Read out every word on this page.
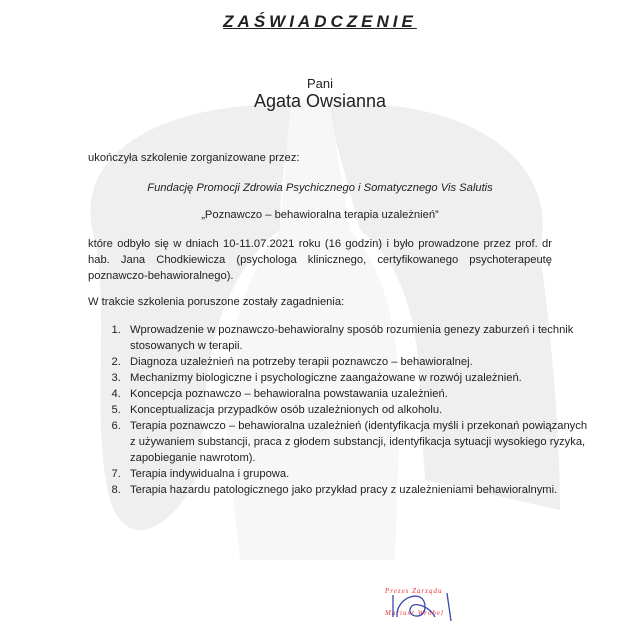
ZAŚWIADCZENIE
Pani
Agata Owsianna
ukończyła szkolenie zorganizowane przez:
Fundację Promocji Zdrowia Psychicznego i Somatycznego Vis Salutis
„Poznawczo – behawioralna terapia uzależnień”
które odbyło się w dniach 10-11.07.2021 roku (16 godzin) i było prowadzone przez prof. dr hab. Jana Chodkiewicza (psychologa klinicznego, certyfikowanego psychoterapeutę poznawczo-behawioralnego).
W trakcie szkolenia poruszone zostały zagadnienia:
1. Wprowadzenie w poznawczo-behawioralny sposób rozumienia genezy zaburzeń i technik stosowanych w terapii.
2. Diagnoza uzależnień na potrzeby terapii poznawczo – behawioralnej.
3. Mechanizmy biologiczne i psychologiczne zaangażowane w rozwój uzależnień.
4. Koncepcja poznawczo – behawioralna powstawania uzależnień.
5. Konceptualizacja przypadków osób uzależnionych od alkoholu.
6. Terapia poznawczo – behawioralna uzależnień (identyfikacja myśli i przekonań powiązanych z używaniem substancji, praca z głodem substancji, identyfikacja sytuacji wysokiego ryzyka, zapobieganie nawrotom).
7. Terapia indywidualna i grupowa.
8. Terapia hazardu patologicznego jako przykład pracy z uzależnieniami behawioralnymi.
Prezes Zarządu
Mariusz Wróbel
